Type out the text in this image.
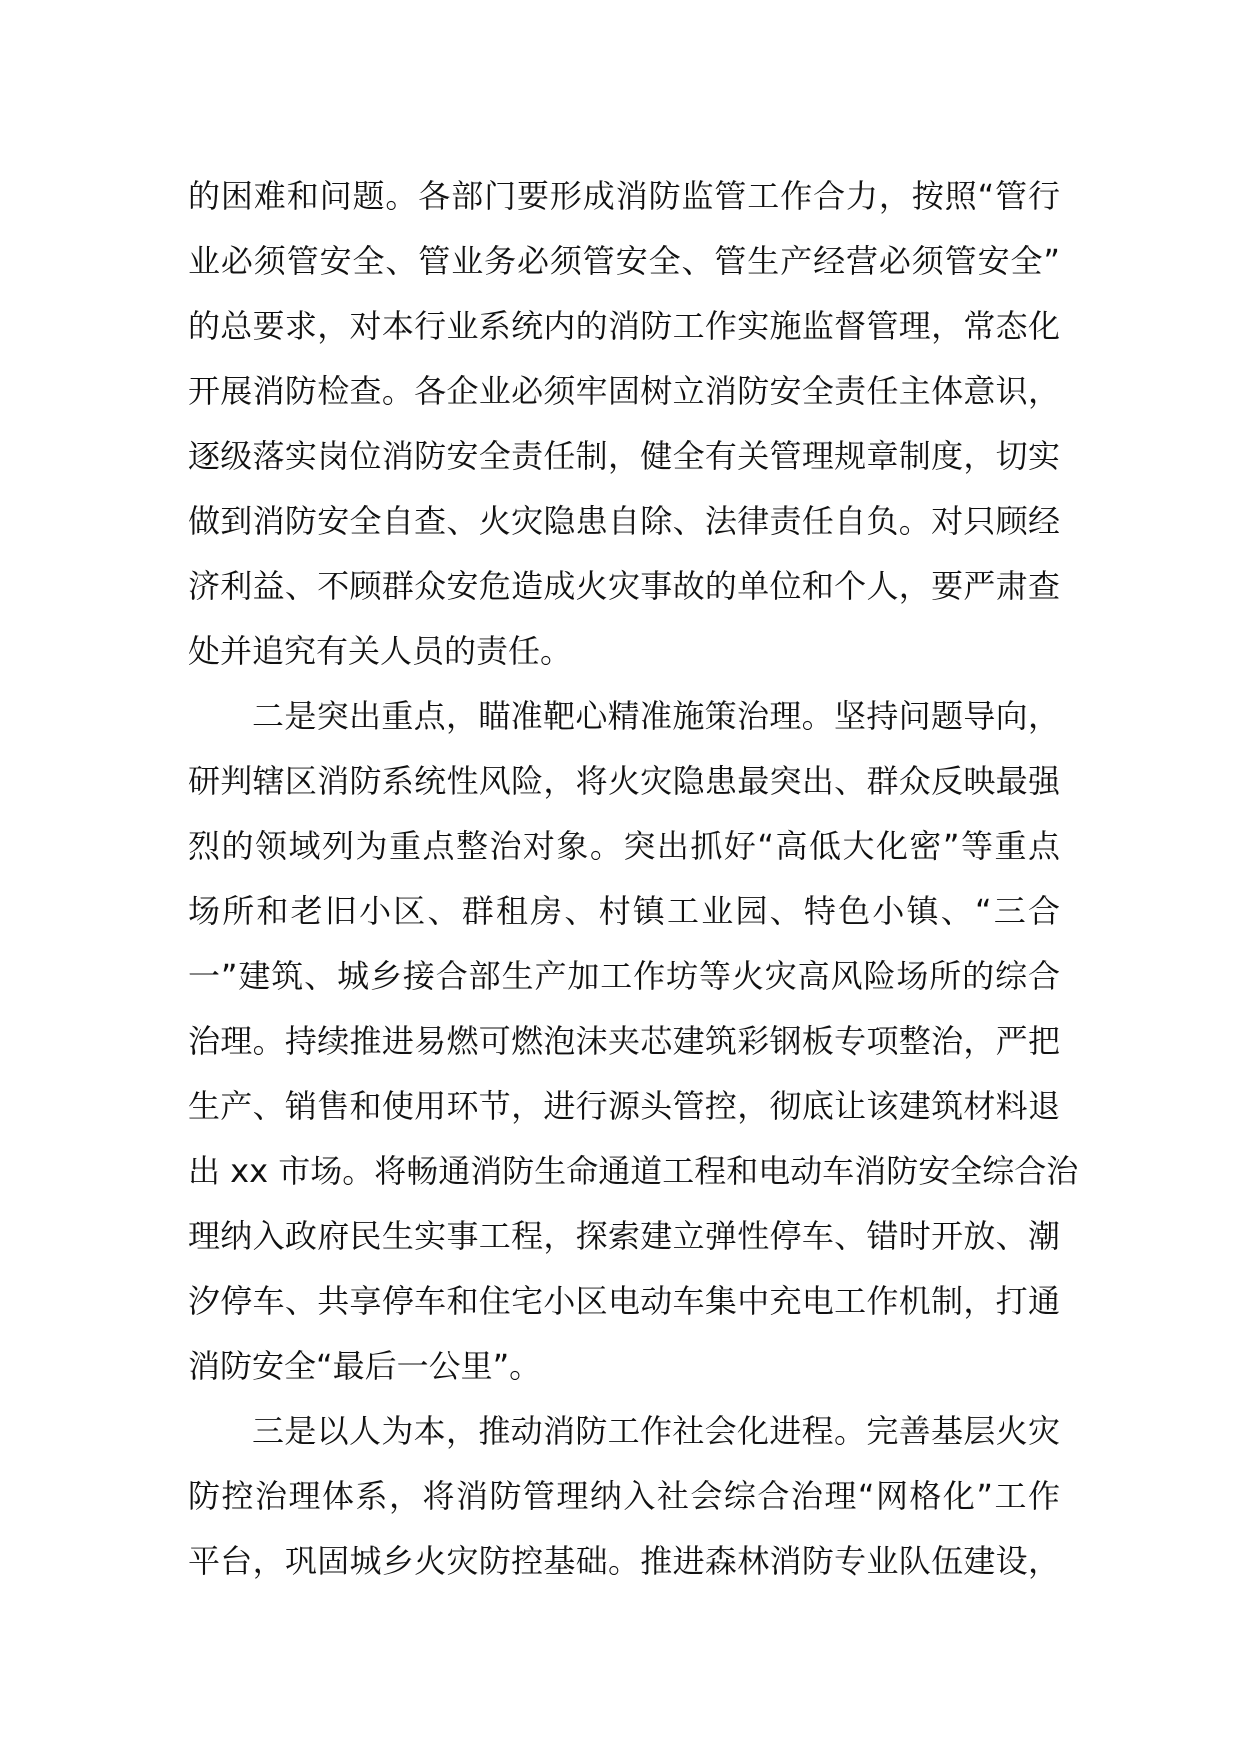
的困难和问题。各部门要形成消防监管工作合力，按照“管行
业必须管安全、管业务必须管安全、管生产经营必须管安全”
的总要求，对本行业系统内的消防工作实施监督管理，常态化
开展消防检查。各企业必须牢固树立消防安全责任主体意识，
逐级落实岗位消防安全责任制，健全有关管理规章制度，切实
做到消防安全自查、火灾隐患自除、法律责任自负。对只顾经
济利益、不顾群众安危造成火灾事故的单位和个人，要严肃查
处并追究有关人员的责任。
二是突出重点，瞄准靶心精准施策治理。坚持问题导向，
研判辖区消防系统性风险，将火灾隐患最突出、群众反映最强
烈的领域列为重点整治对象。突出抓好“高低大化密”等重点
场所和老旧小区、群租房、村镇工业园、特色小镇、“三合
一”建筑、城乡接合部生产加工作坊等火灾高风险场所的综合
治理。持续推进易燃可燃泡沫夹芯建筑彩钢板专项整治，严把
生产、销售和使用环节，进行源头管控，彻底让该建筑材料退
出 xx 市场。将畅通消防生命通道工程和电动车消防安全综合治
理纳入政府民生实事工程，探索建立弹性停车、错时开放、潮
汐停车、共享停车和住宅小区电动车集中充电工作机制，打通
消防安全“最后一公里”。
三是以人为本，推动消防工作社会化进程。完善基层火灾
防控治理体系，将消防管理纳入社会综合治理“网格化”工作
平台，巩固城乡火灾防控基础。推进森林消防专业队伍建设，
